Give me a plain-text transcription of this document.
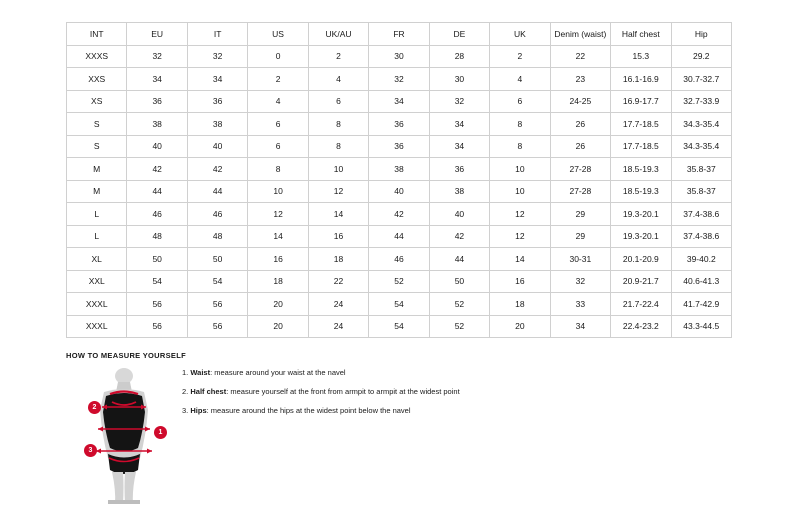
INT	EU	IT	US	UK/AU	FR	DE	UK	Denim (waist)	Half chest	Hip
XXXS	32	32	0	2	30	28	2	22	15.3	29.2
XXS	34	34	2	4	32	30	4	23	16.1-16.9	30.7-32.7
XS	36	36	4	6	34	32	6	24-25	16.9-17.7	32.7-33.9
S	38	38	6	8	36	34	8	26	17.7-18.5	34.3-35.4
S	40	40	6	8	36	34	8	26	17.7-18.5	34.3-35.4
M	42	42	8	10	38	36	10	27-28	18.5-19.3	35.8-37
M	44	44	10	12	40	38	10	27-28	18.5-19.3	35.8-37
L	46	46	12	14	42	40	12	29	19.3-20.1	37.4-38.6
L	48	48	14	16	44	42	12	29	19.3-20.1	37.4-38.6
XL	50	50	16	18	46	44	14	30-31	20.1-20.9	39-40.2
XXL	54	54	18	22	52	50	16	32	20.9-21.7	40.6-41.3
XXXL	56	56	20	24	54	52	18	33	21.7-22.4	41.7-42.9
XXXL	56	56	20	24	54	52	20	34	22.4-23.2	43.3-44.5
HOW TO MEASURE YOURSELF
1. Waist: measure around your waist at the navel
2. Half chest: measure yourself at the front from armpit to armpit at the widest point
3. Hips: measure around the hips at the widest point below the navel
1
2
3
